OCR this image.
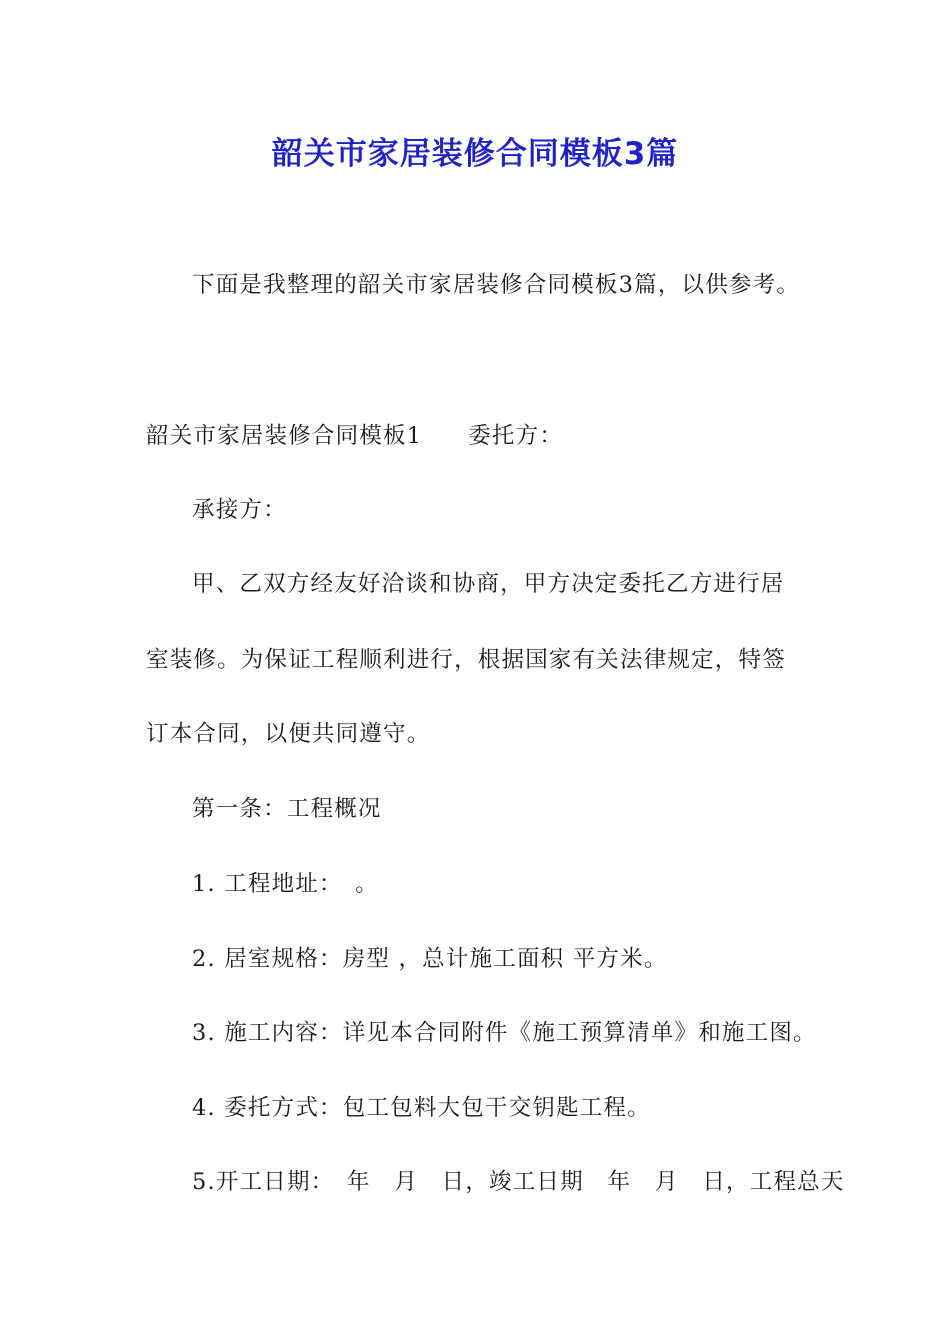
韶关市家居装修合同模板3篇
下面是我整理的韶关市家居装修合同模板3篇，以供参考。
韶关市家居装修合同模板1 委托方：
承接方：
甲、乙双方经友好洽谈和协商，甲方决定委托乙方进行居
室装修。为保证工程顺利进行，根据国家有关法律规定，特签
订本合同，以便共同遵守。
第一条：工程概况
1. 工程地址：　。
2. 居室规格：房型 ，总计施工面积 平方米。
3. 施工内容：详见本合同附件《施工预算清单》和施工图。
4. 委托方式：包工包料大包干交钥匙工程。
5.开工日期：　年　月　日，竣工日期　年　月　日，工程总天
